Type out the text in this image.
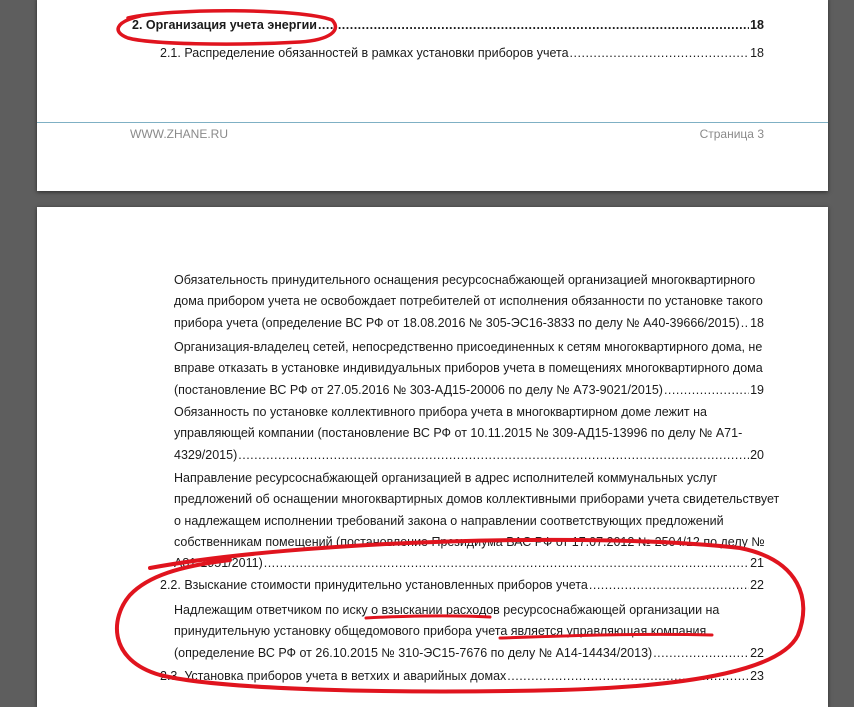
2. Организация учета энергии .....	18
2.1. Распределение обязанностей в рамках установки приборов учета .....	18
WWW.ZHANE.RU	Страница 3
Обязательность принудительного оснащения ресурсоснабжающей организацией многоквартирного
дома прибором учета не освобождает потребителей от исполнения обязанности по установке такого
прибора учета (определение ВС РФ от 18.08.2016 № 305-ЭС16-3833 по делу № А40-39666/2015) ..... 18
Организация-владелец сетей, непосредственно присоединенных к сетям многоквартирного дома, не
вправе отказать в установке индивидуальных приборов учета в помещениях многоквартирного дома
(постановление ВС РФ от 27.05.2016 № 303-АД15-20006 по делу № А73-9021/2015) .....	19
Обязанность по установке коллективного прибора учета в многоквартирном доме лежит на
управляющей компании (постановление ВС РФ от 10.11.2015 № 309-АД15-13996 по делу № А71-
4329/2015) .....	20
Направление ресурсоснабжающей организацией в адрес исполнителей коммунальных услуг
предложений об оснащении многоквартирных домов коллективными приборами учета свидетельствует
о надлежащем исполнении требований закона о направлении соответствующих предложений
собственникам помещений (постановление Президиума ВАС РФ от 17.07.2012 № 2504/12 по делу №
А81-1951/2011) .....	21
2.2. Взыскание стоимости принудительно установленных приборов учета .....	22
Надлежащим ответчиком по иску о взыскании расходов ресурсоснабжающей организации на
принудительную установку общедомового прибора учета является управляющая компания
(определение ВС РФ от 26.10.2015 № 310-ЭС15-7676 по делу № А14-14434/2013) .....	22
2.3. Установка приборов учета в ветхих и аварийных домах .....	23
